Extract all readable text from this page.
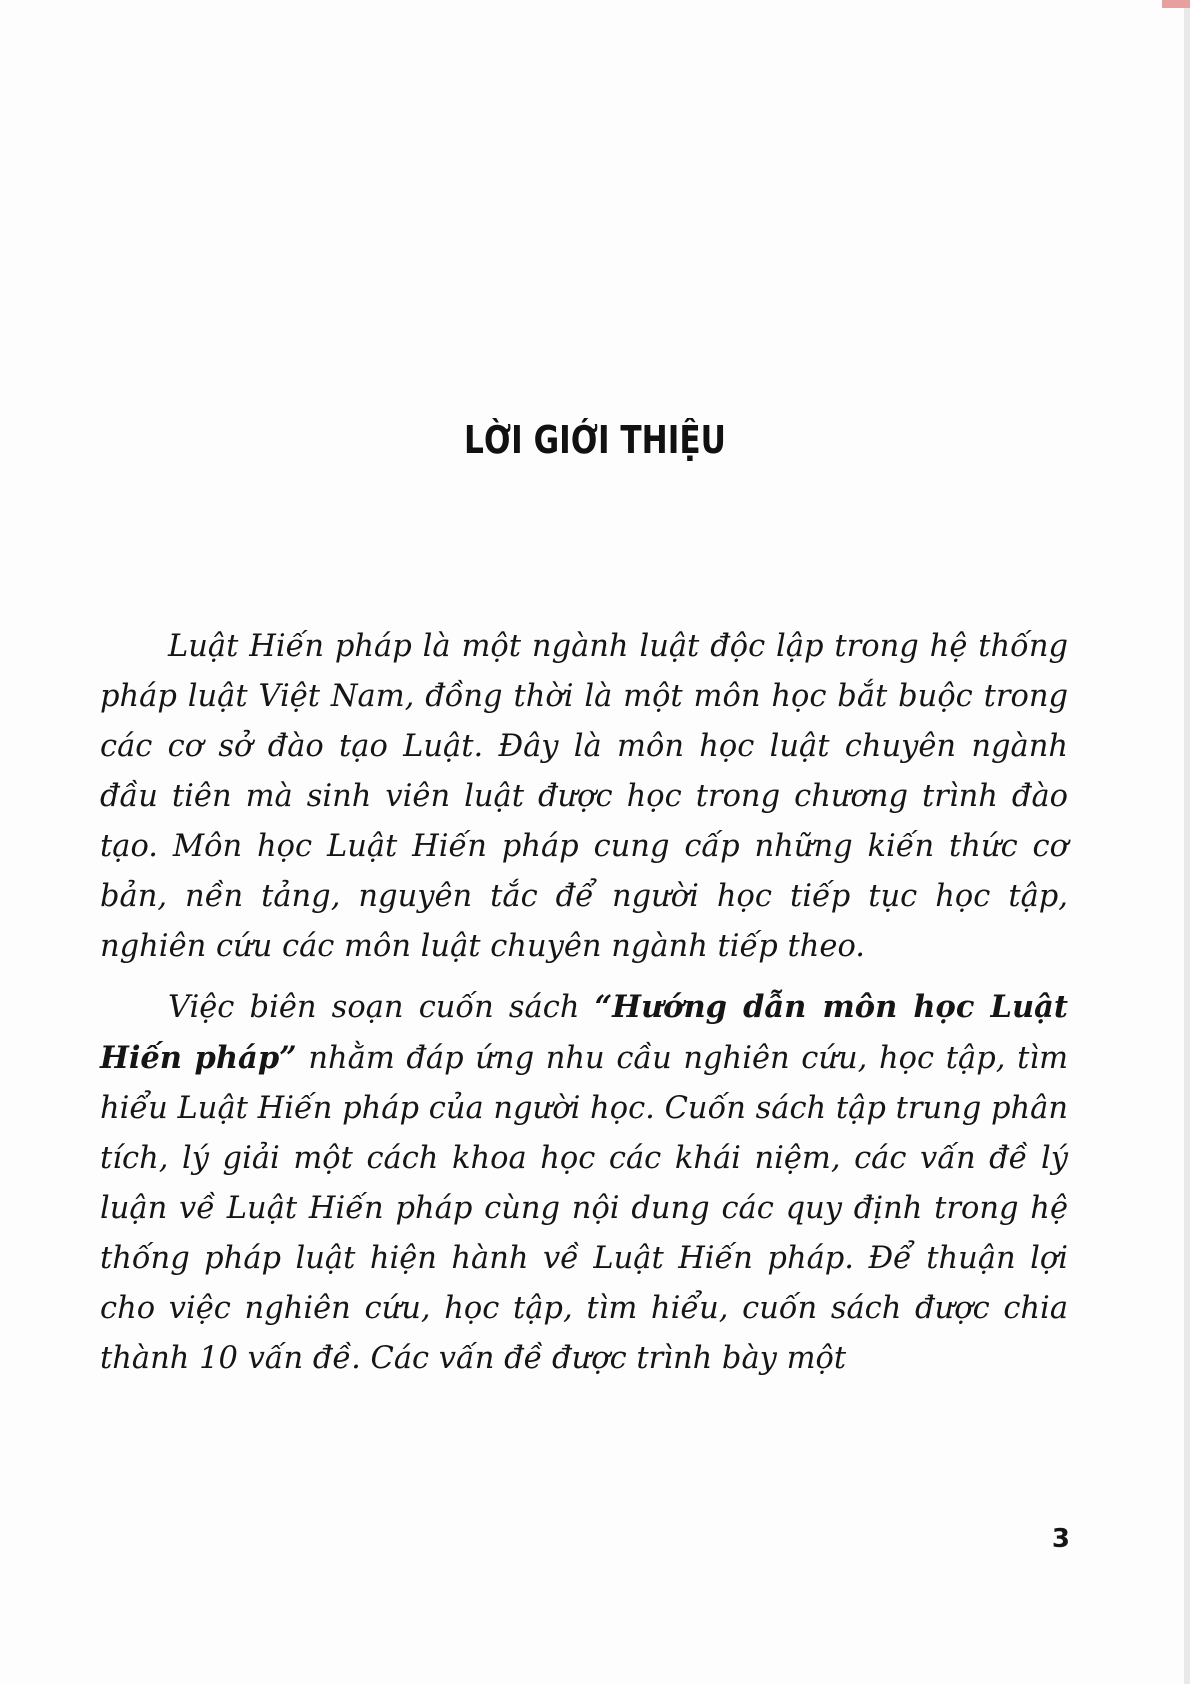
LỜI GIỚI THIỆU

Luật Hiến pháp là một ngành luật độc lập trong hệ thống pháp luật Việt Nam, đồng thời là một môn học bắt buộc trong các cơ sở đào tạo Luật. Đây là môn học luật chuyên ngành đầu tiên mà sinh viên luật được học trong chương trình đào tạo. Môn học Luật Hiến pháp cung cấp những kiến thức cơ bản, nền tảng, nguyên tắc để người học tiếp tục học tập, nghiên cứu các môn luật chuyên ngành tiếp theo.

Việc biên soạn cuốn sách “Hướng dẫn môn học Luật Hiến pháp” nhằm đáp ứng nhu cầu nghiên cứu, học tập, tìm hiểu Luật Hiến pháp của người học. Cuốn sách tập trung phân tích, lý giải một cách khoa học các khái niệm, các vấn đề lý luận về Luật Hiến pháp cùng nội dung các quy định trong hệ thống pháp luật hiện hành về Luật Hiến pháp. Để thuận lợi cho việc nghiên cứu, học tập, tìm hiểu, cuốn sách được chia thành 10 vấn đề. Các vấn đề được trình bày một

3
